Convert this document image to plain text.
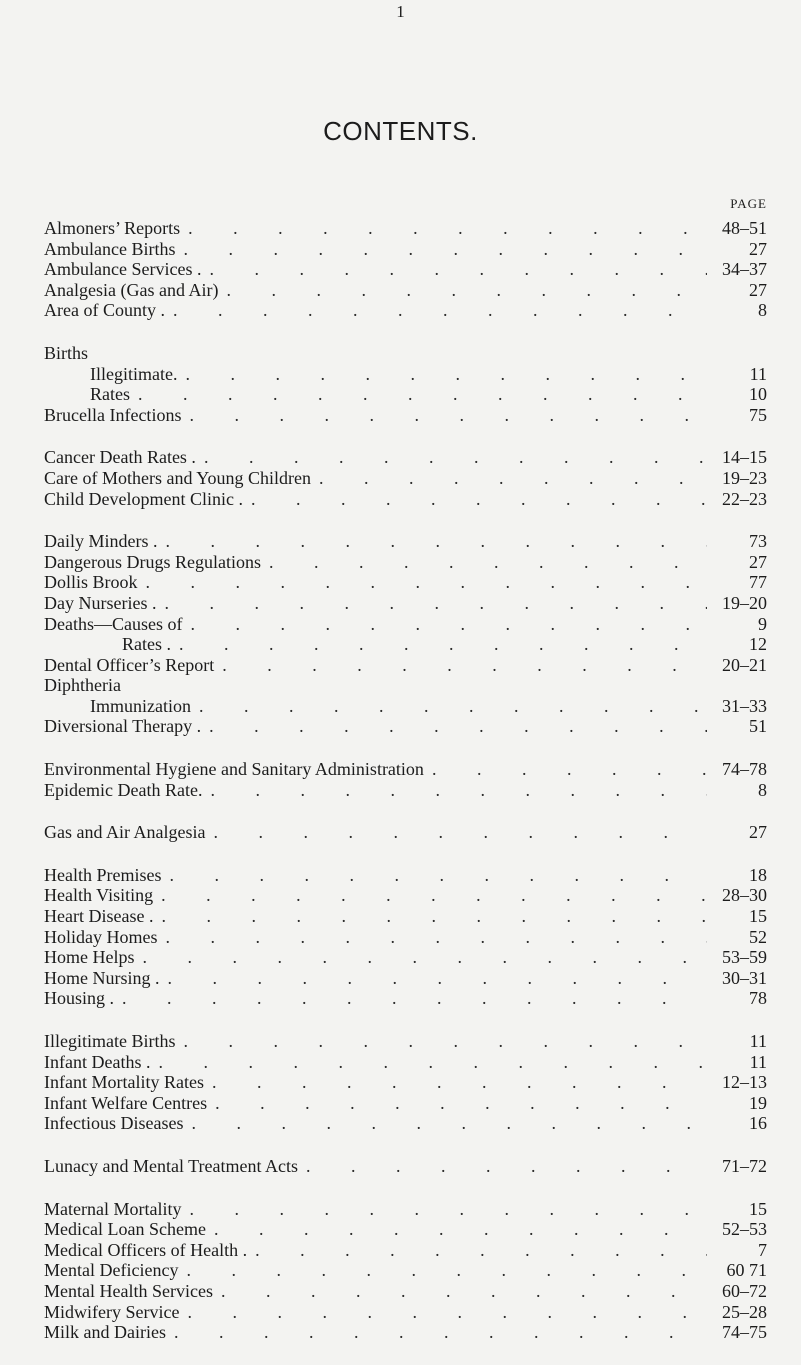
1
CONTENTS.
PAGE
Almoners’ Reports . . .	48–51
Ambulance Births . . .	27
Ambulance Services . . . .	34–37
Analgesia (Gas and Air) . . .	27
Area of County . . . .	8
Births
Illegitimate. . . .	11
Rates . . .	10
Brucella Infections . . .	75
Cancer Death Rates . . . .	14–15
Care of Mothers and Young Children . . .	19–23
Child Development Clinic . . . .	22–23
Daily Minders . . . .	73
Dangerous Drugs Regulations . . .	27
Dollis Brook . . .	77
Day Nurseries . . . .	19–20
Deaths—Causes of . . .	9
Rates . . . .	12
Dental Officer’s Report . . .	20–21
Diphtheria
Immunization . . .	31–33
Diversional Therapy . . . .	51
Environmental Hygiene and Sanitary Administration . . .	74–78
Epidemic Death Rate. . . .	8
Gas and Air Analgesia . . .	27
Health Premises . . .	18
Health Visiting . . .	28–30
Heart Disease . . . .	15
Holiday Homes . . .	52
Home Helps . . .	53–59
Home Nursing . . . .	30–31
Housing . . . .	78
Illegitimate Births . . .	11
Infant Deaths . . . .	11
Infant Mortality Rates . . .	12–13
Infant Welfare Centres . . .	19
Infectious Diseases . . .	16
Lunacy and Mental Treatment Acts . . .	71–72
Maternal Mortality . . .	15
Medical Loan Scheme . . .	52–53
Medical Officers of Health . . . .	7
Mental Deficiency . . .	60 71
Mental Health Services . . .	60–72
Midwifery Service . . .	25–28
Milk and Dairies . . .	74–75
